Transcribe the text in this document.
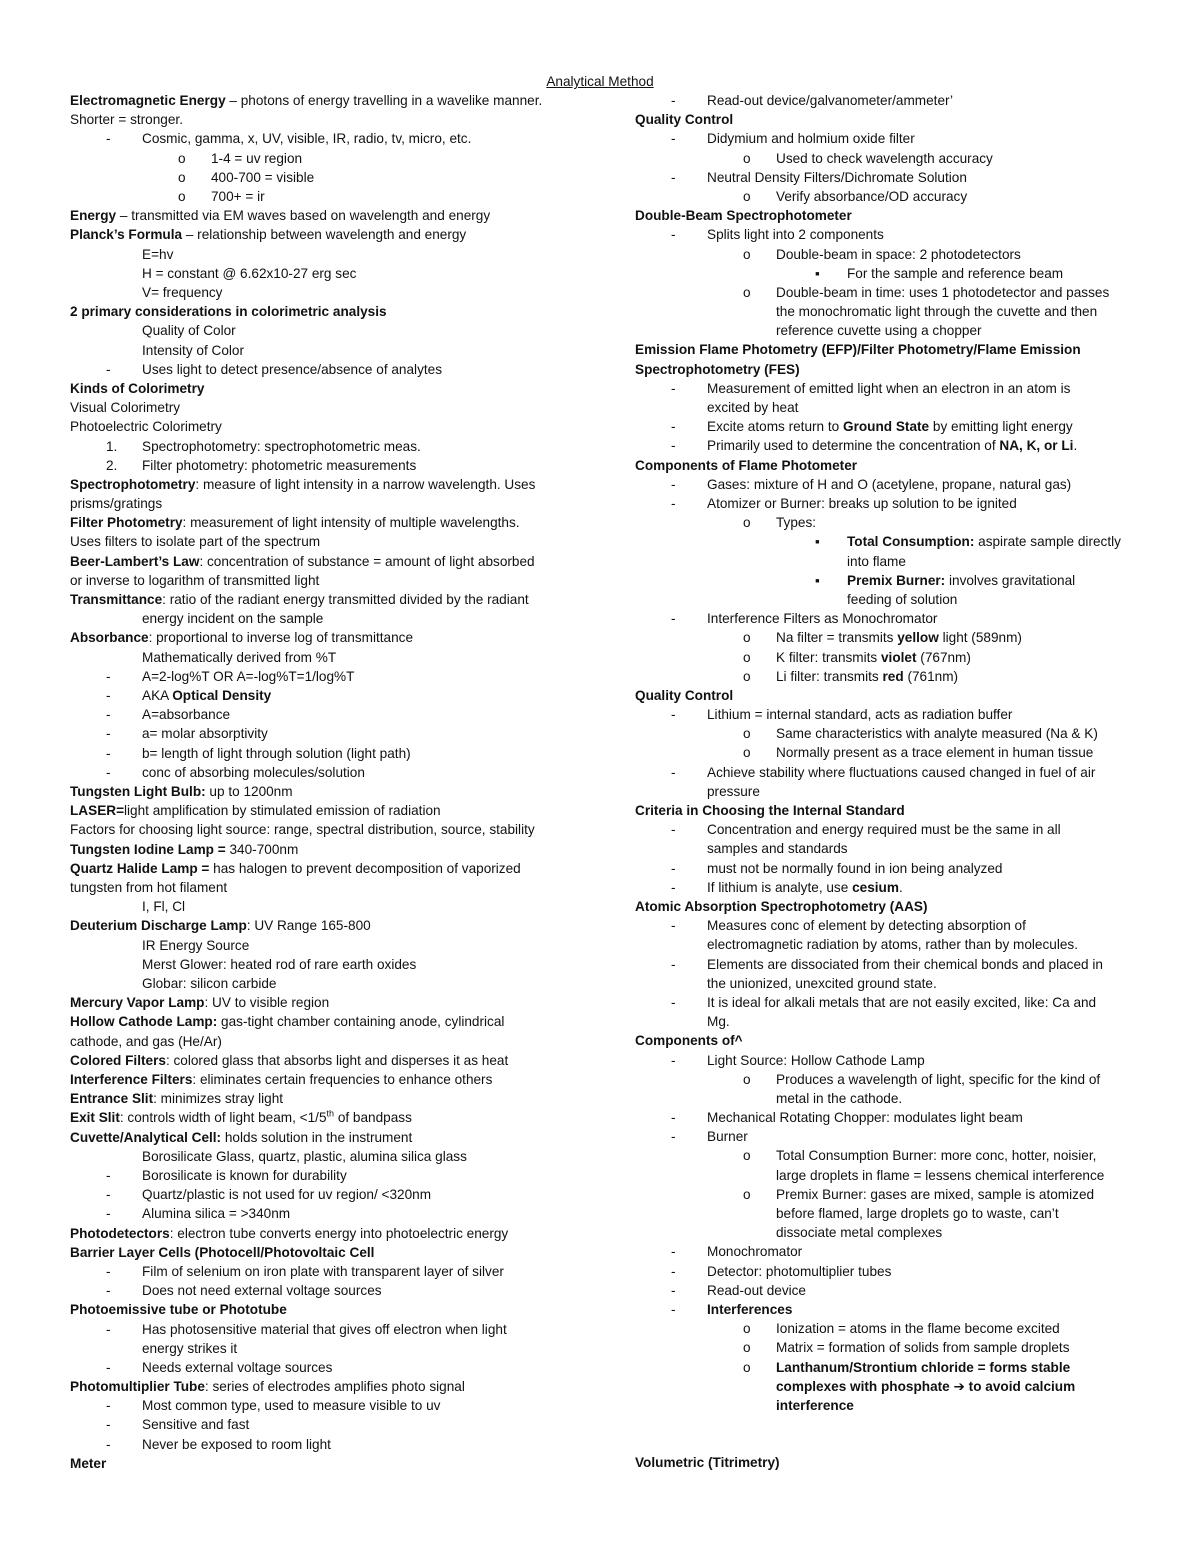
Analytical Method
Electromagnetic Energy – photons of energy travelling in a wavelike manner.
Shorter = stronger.
- Cosmic, gamma, x, UV, visible, IR, radio, tv, micro, etc.
o 1-4 = uv region
o 400-700 = visible
o 700+ = ir
Energy – transmitted via EM waves based on wavelength and energy
Planck’s Formula – relationship between wavelength and energy
E=hv
H = constant @ 6.62x10-27 erg sec
V= frequency
2 primary considerations in colorimetric analysis
Quality of Color
Intensity of Color
- Uses light to detect presence/absence of analytes
Kinds of Colorimetry
Visual Colorimetry
Photoelectric Colorimetry
1. Spectrophotometry: spectrophotometric meas.
2. Filter photometry: photometric measurements
Spectrophotometry: measure of light intensity in a narrow wavelength. Uses
prisms/gratings
Filter Photometry: measurement of light intensity of multiple wavelengths.
Uses filters to isolate part of the spectrum
Beer-Lambert’s Law: concentration of substance = amount of light absorbed
or inverse to logarithm of transmitted light
Transmittance: ratio of the radiant energy transmitted divided by the radiant
energy incident on the sample
Absorbance: proportional to inverse log of transmittance
Mathematically derived from %T
- A=2-log%T OR A=-log%T=1/log%T
- AKA Optical Density
- A=absorbance
- a= molar absorptivity
- b= length of light through solution (light path)
- conc of absorbing molecules/solution
Tungsten Light Bulb: up to 1200nm
LASER=light amplification by stimulated emission of radiation
Factors for choosing light source: range, spectral distribution, source, stability
Tungsten Iodine Lamp = 340-700nm
Quartz Halide Lamp = has halogen to prevent decomposition of vaporized
tungsten from hot filament
I, Fl, Cl
Deuterium Discharge Lamp: UV Range 165-800
IR Energy Source
Merst Glower: heated rod of rare earth oxides
Globar: silicon carbide
Mercury Vapor Lamp: UV to visible region
Hollow Cathode Lamp: gas-tight chamber containing anode, cylindrical
cathode, and gas (He/Ar)
Colored Filters: colored glass that absorbs light and disperses it as heat
Interference Filters: eliminates certain frequencies to enhance others
Entrance Slit: minimizes stray light
Exit Slit: controls width of light beam, <1/5th of bandpass
Cuvette/Analytical Cell: holds solution in the instrument
Borosilicate Glass, quartz, plastic, alumina silica glass
- Borosilicate is known for durability
- Quartz/plastic is not used for uv region/ <320nm
- Alumina silica = >340nm
Photodetectors: electron tube converts energy into photoelectric energy
Barrier Layer Cells (Photocell/Photovoltaic Cell
- Film of selenium on iron plate with transparent layer of silver
- Does not need external voltage sources
Photoemissive tube or Phototube
- Has photosensitive material that gives off electron when light
energy strikes it
- Needs external voltage sources
Photomultiplier Tube: series of electrodes amplifies photo signal
- Most common type, used to measure visible to uv
- Sensitive and fast
- Never be exposed to room light
Meter
- Read-out device/galvanometer/ammeter’
Quality Control
- Didymium and holmium oxide filter
o Used to check wavelength accuracy
- Neutral Density Filters/Dichromate Solution
o Verify absorbance/OD accuracy
Double-Beam Spectrophotometer
- Splits light into 2 components
o Double-beam in space: 2 photodetectors
▪ For the sample and reference beam
o Double-beam in time: uses 1 photodetector and passes
the monochromatic light through the cuvette and then
reference cuvette using a chopper
Emission Flame Photometry (EFP)/Filter Photometry/Flame Emission
Spectrophotometry (FES)
- Measurement of emitted light when an electron in an atom is
excited by heat
- Excite atoms return to Ground State by emitting light energy
- Primarily used to determine the concentration of NA, K, or Li.
Components of Flame Photometer
- Gases: mixture of H and O (acetylene, propane, natural gas)
- Atomizer or Burner: breaks up solution to be ignited
o Types:
▪ Total Consumption: aspirate sample directly
into flame
▪ Premix Burner: involves gravitational
feeding of solution
- Interference Filters as Monochromator
o Na filter = transmits yellow light (589nm)
o K filter: transmits violet (767nm)
o Li filter: transmits red (761nm)
Quality Control
- Lithium = internal standard, acts as radiation buffer
o Same characteristics with analyte measured (Na & K)
o Normally present as a trace element in human tissue
- Achieve stability where fluctuations caused changed in fuel of air
pressure
Criteria in Choosing the Internal Standard
- Concentration and energy required must be the same in all
samples and standards
- must not be normally found in ion being analyzed
- If lithium is analyte, use cesium.
Atomic Absorption Spectrophotometry (AAS)
- Measures conc of element by detecting absorption of
electromagnetic radiation by atoms, rather than by molecules.
- Elements are dissociated from their chemical bonds and placed in
the unionized, unexcited ground state.
- It is ideal for alkali metals that are not easily excited, like: Ca and
Mg.
Components of^
- Light Source: Hollow Cathode Lamp
o Produces a wavelength of light, specific for the kind of
metal in the cathode.
- Mechanical Rotating Chopper: modulates light beam
- Burner
o Total Consumption Burner: more conc, hotter, noisier,
large droplets in flame = lessens chemical interference
o Premix Burner: gases are mixed, sample is atomized
before flamed, large droplets go to waste, can’t
dissociate metal complexes
- Monochromator
- Detector: photomultiplier tubes
- Read-out device
- Interferences
o Ionization = atoms in the flame become excited
o Matrix = formation of solids from sample droplets
o Lanthanum/Strontium chloride = forms stable
complexes with phosphate ➔ to avoid calcium
interference
Volumetric (Titrimetry)
